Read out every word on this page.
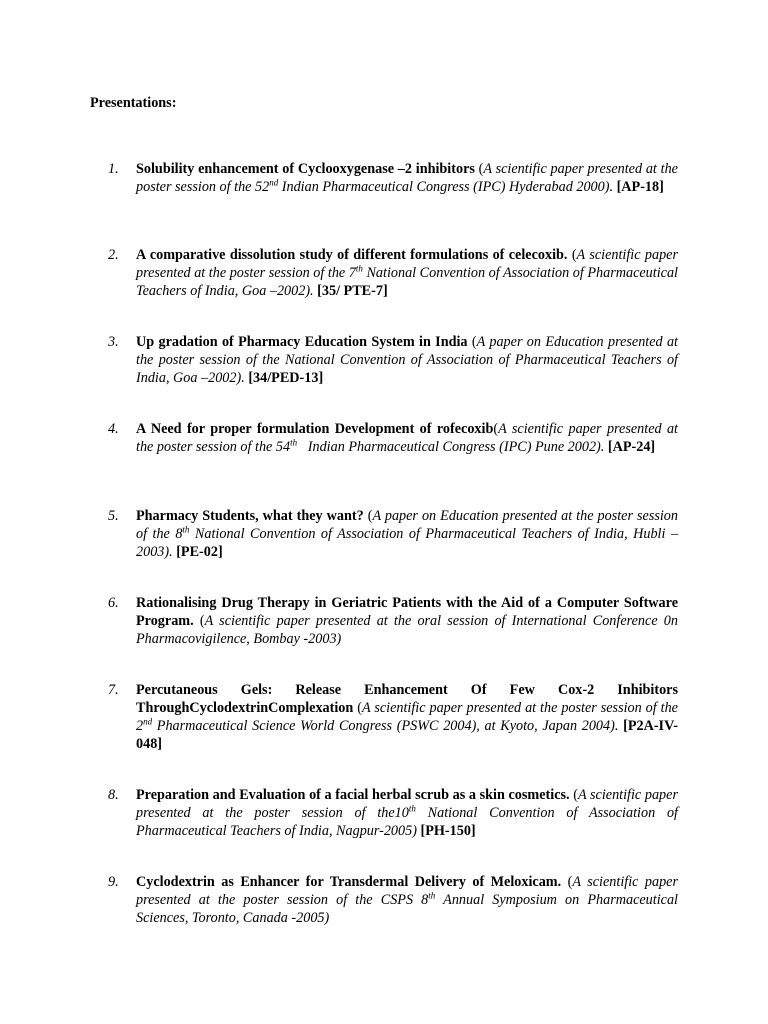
Presentations:
1.	Solubility enhancement of Cyclooxygenase –2 inhibitors (A scientific paper presented at the poster session of the 52nd Indian Pharmaceutical Congress (IPC) Hyderabad 2000). [AP-18]
2.	A comparative dissolution study of different formulations of celecoxib. (A scientific paper presented at the poster session of the 7th National Convention of Association of Pharmaceutical Teachers of India, Goa –2002). [35/ PTE-7]
3.	Up gradation of Pharmacy Education System in India (A paper on Education presented at the poster session of the National Convention of Association of Pharmaceutical Teachers of India, Goa –2002). [34/PED-13]
4.	A Need for proper formulation Development of rofecoxib(A scientific paper presented at the poster session of the 54th   Indian Pharmaceutical Congress (IPC) Pune 2002). [AP-24]
5.	Pharmacy Students, what they want? (A paper on Education presented at the poster session of the 8th National Convention of Association of Pharmaceutical Teachers of India, Hubli –2003). [PE-02]
6.	Rationalising Drug Therapy in Geriatric Patients with the Aid of a Computer Software Program. (A scientific paper presented at the oral session of International Conference 0n Pharmacovigilence, Bombay -2003)
7.	Percutaneous Gels: Release Enhancement Of Few Cox-2 Inhibitors ThroughCyclodextrinComplexation (A scientific paper presented at the poster session of the 2nd Pharmaceutical Science World Congress (PSWC 2004), at Kyoto, Japan 2004). [P2A-IV-048]
8.	Preparation and Evaluation of a facial herbal scrub as a skin cosmetics. (A scientific paper presented at the poster session of the10th National Convention of Association of Pharmaceutical Teachers of India, Nagpur-2005) [PH-150]
9.	Cyclodextrin as Enhancer for Transdermal Delivery of Meloxicam. (A scientific paper presented at the poster session of the CSPS 8th Annual Symposium on Pharmaceutical Sciences, Toronto, Canada -2005)
